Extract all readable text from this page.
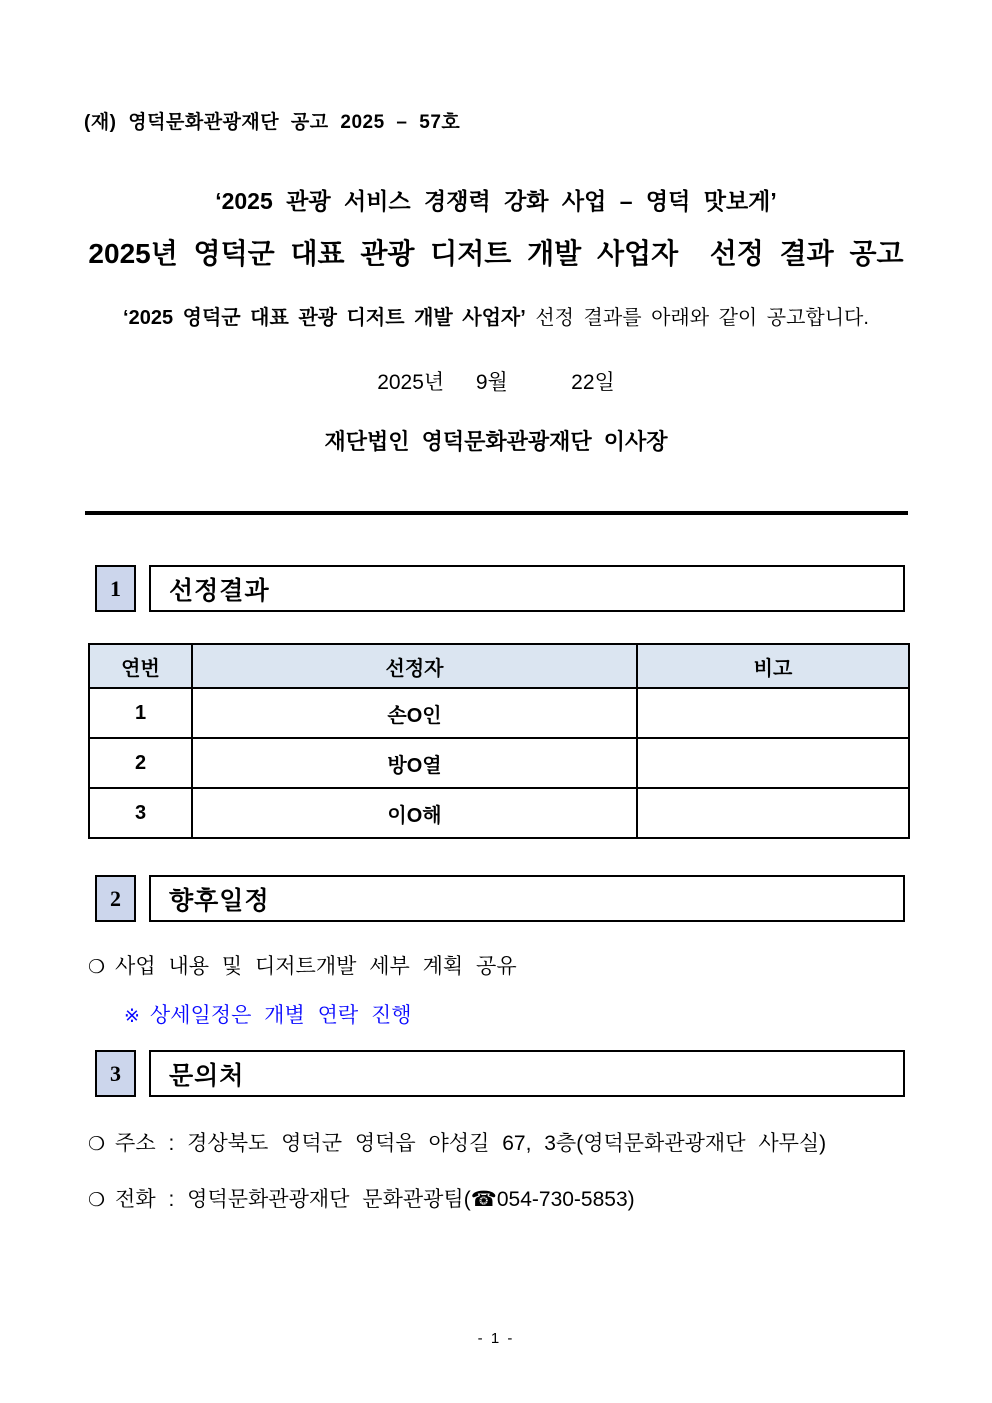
(재) 영덕문화관광재단 공고 2025 – 57호
‘2025 관광 서비스 경쟁력 강화 사업 – 영덕 맛보게’
2025년 영덕군 대표 관광 디저트 개발 사업자  선정 결과 공고
‘2025 영덕군 대표 관광 디저트 개발 사업자’ 선정 결과를 아래와 같이 공고합니다.
2025년  9월    22일
재단법인 영덕문화관광재단 이사장
1	선정결과
연번	선정자	비고
1	손O인	
2	방O열	
3	이O해	
2	향후일정
❍ 사업 내용 및 디저트개발 세부 계획 공유
※ 상세일정은 개별 연락 진행
3	문의처
❍ 주소 : 경상북도 영덕군 영덕읍 야성길 67, 3층(영덕문화관광재단 사무실)
❍ 전화 : 영덕문화관광재단 문화관광팀(☎054-730-5853)
- 1 -
